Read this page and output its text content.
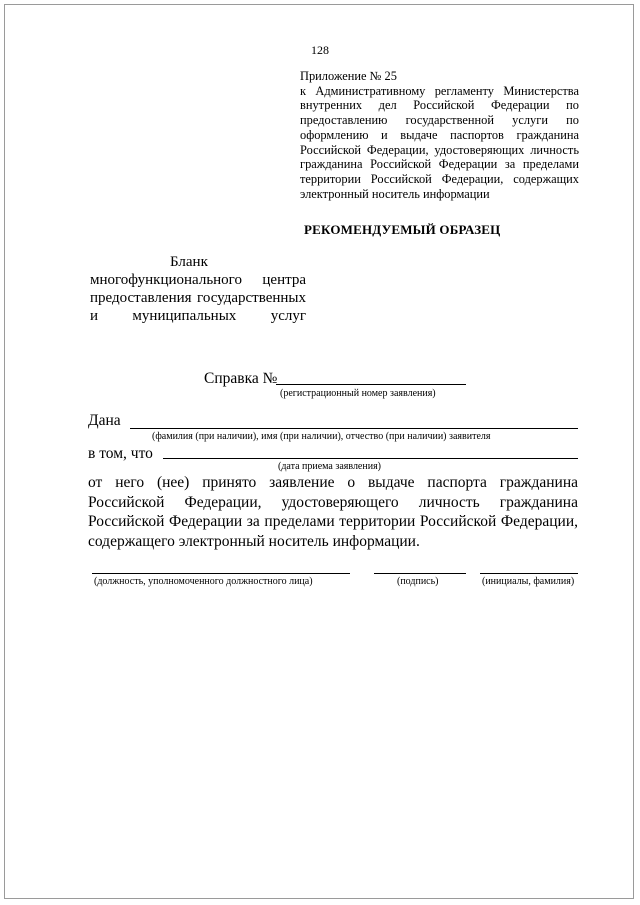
128
Приложение № 25
к Административному регламенту Министерства внутренних дел Российской Федерации по предоставлению государственной услуги по оформлению и выдаче паспортов гражданина Российской Федерации, удостоверяющих личность гражданина Российской Федерации за пределами территории Российской Федерации, содержащих электронный носитель информации
РЕКОМЕНДУЕМЫЙ ОБРАЗЕЦ
Бланк
многофункционального центра
предоставления государственных
и муниципальных услуг
Справка №
(регистрационный номер заявления)
Дана
(фамилия (при наличии), имя (при наличии), отчество (при наличии) заявителя
в том, что
(дата приема заявления)
от него (нее) принято заявление о выдаче паспорта гражданина Российской Федерации, удостоверяющего личность гражданина Российской Федерации за пределами территории Российской Федерации, содержащего электронный носитель информации.
(должность, уполномоченного должностного лица)	(подпись)	(инициалы, фамилия)
